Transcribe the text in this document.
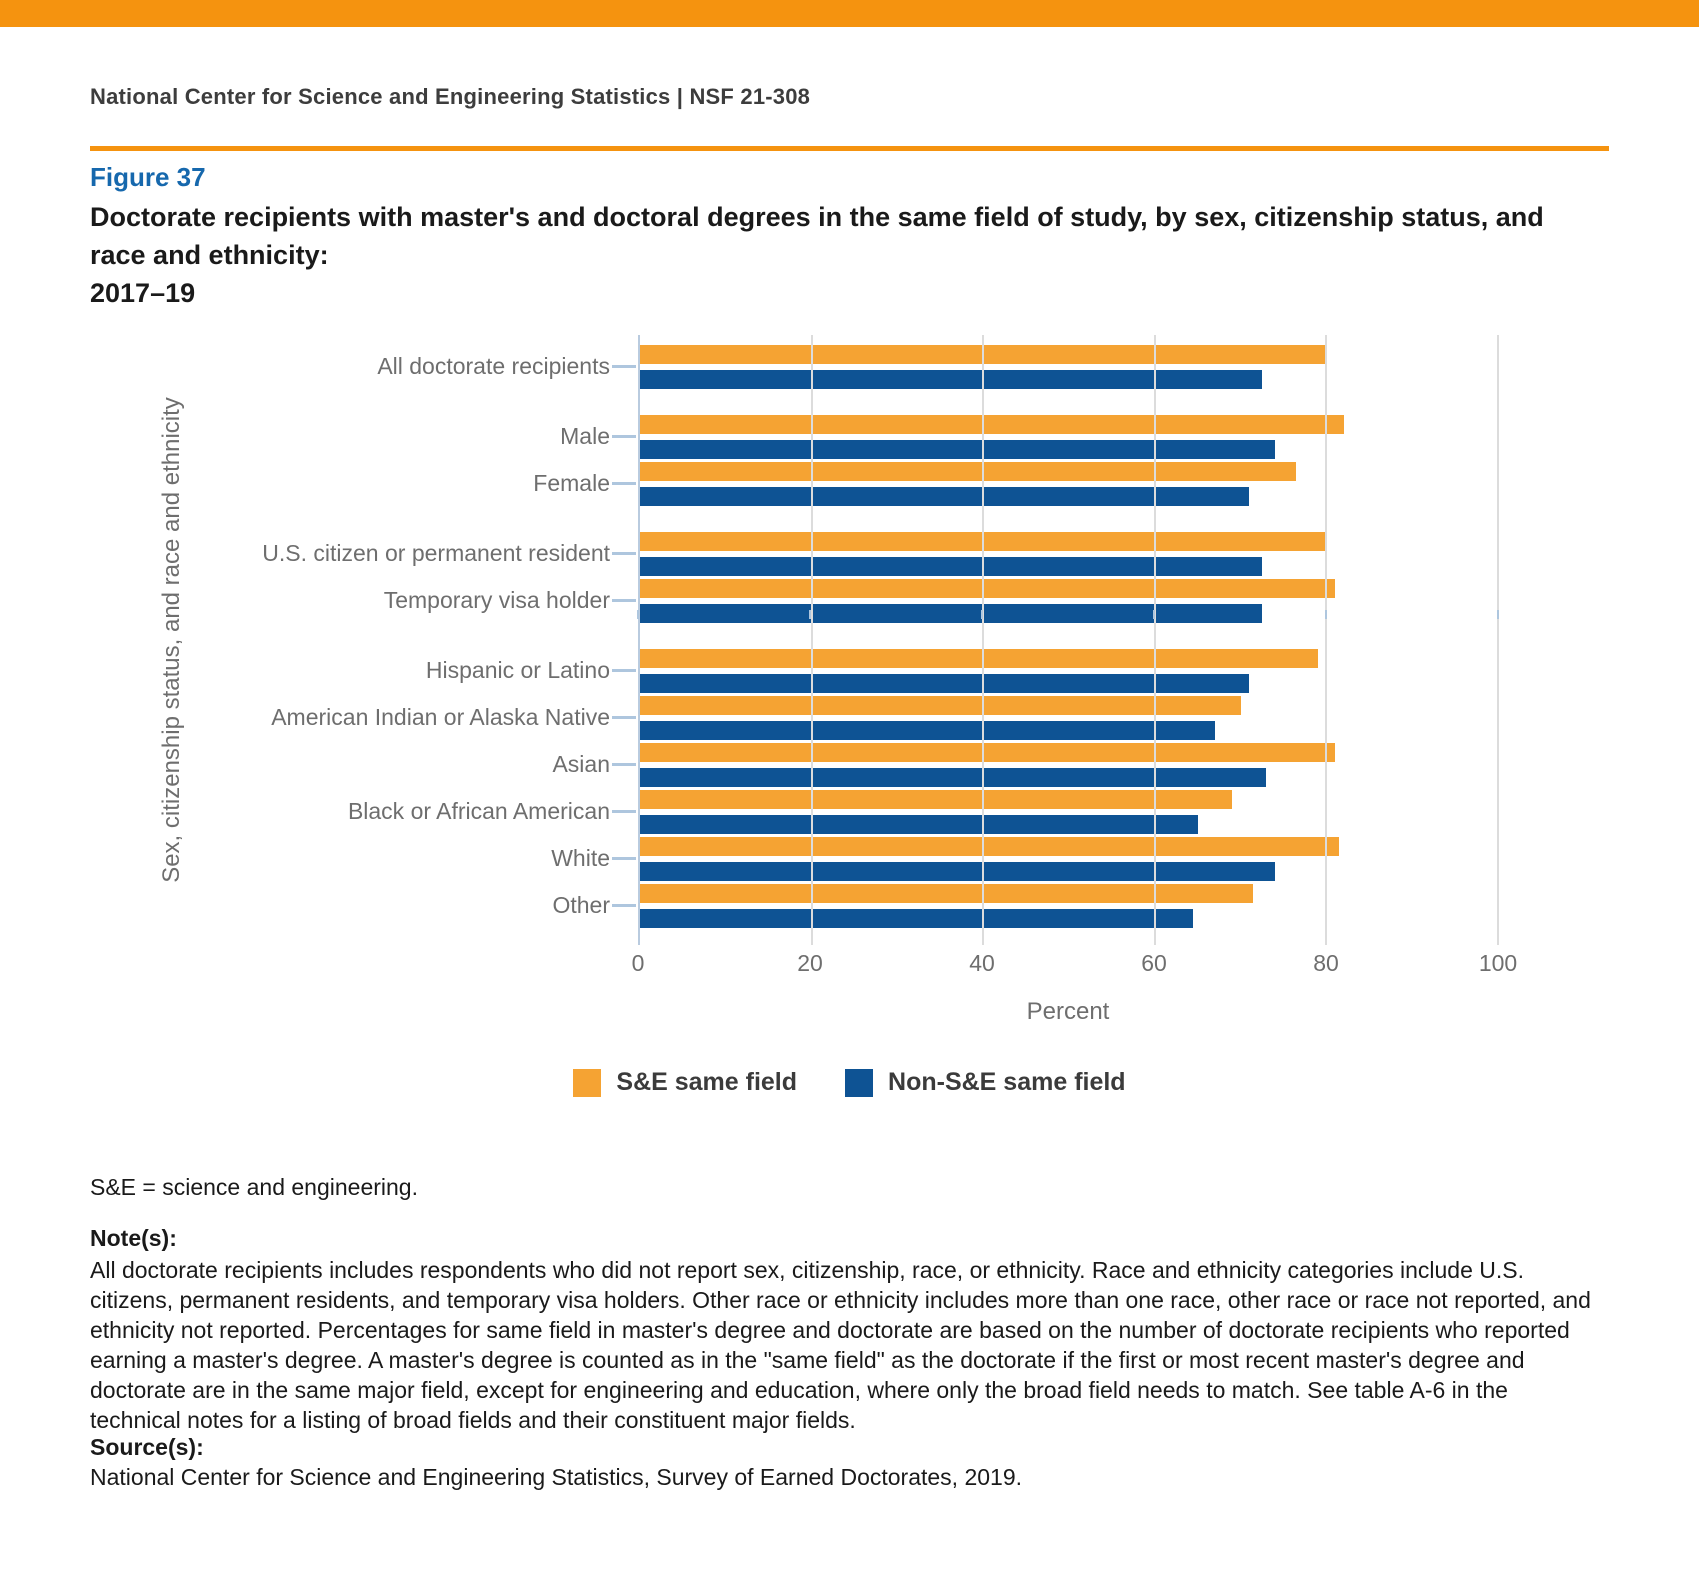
National Center for Science and Engineering Statistics | NSF 21-308
Figure 37
Doctorate recipients with master's and doctoral degrees in the same field of study, by sex, citizenship status, and race and ethnicity:
2017–19
Sex, citizenship status, and race and ethnicity
All doctorate recipients
Male
Female
U.S. citizen or permanent resident
Temporary visa holder
Hispanic or Latino
American Indian or Alaska Native
Asian
Black or African American
White
Other
Percent
0	20	40	60	80	100
S&E same field	Non-S&E same field
S&E = science and engineering.
Note(s):
All doctorate recipients includes respondents who did not report sex, citizenship, race, or ethnicity. Race and ethnicity categories include U.S. citizens, permanent residents, and temporary visa holders. Other race or ethnicity includes more than one race, other race or race not reported, and ethnicity not reported. Percentages for same field in master's degree and doctorate are based on the number of doctorate recipients who reported earning a master's degree. A master's degree is counted as in the "same field" as the doctorate if the first or most recent master's degree and doctorate are in the same major field, except for engineering and education, where only the broad field needs to match. See table A-6 in the technical notes for a listing of broad fields and their constituent major fields.
Source(s):
National Center for Science and Engineering Statistics, Survey of Earned Doctorates, 2019.
